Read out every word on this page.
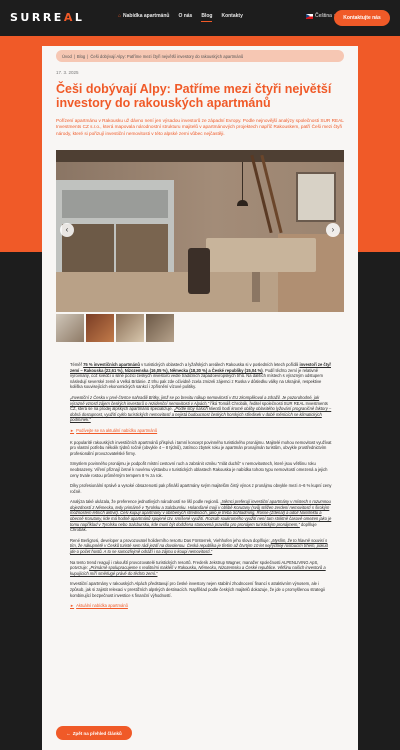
SURREAL	⌂ Nabídka apartmánů O nás Blog Kontakty	Čeština	Kontaktujte nás
Úvod | Blog | Češi dobývají Alpy: Patříme mezi čtyři největší investory do rakouských apartmánů
17. 3. 2025
Češi dobývají Alpy: Patříme mezi čtyři největší investory do rakouských apartmánů

Pořízení apartmánu v Rakousku už dávno není jen výsadou investorů ze západní Evropy. Podle nejnovější analýzy společnosti SUR REAL Investments CZ s.r.o., která mapovala národnostní strukturu majitelů v apartmánových projektech napříč Rakouskem, patří Češi mezi čtyři národy, které si pořizují investiční nemovitosti v této alpské zemi vůbec nejčastěji.

‹	›

Téměř 75 % investičních apartmánů v turistických oblastech a lyžařských areálech Rakouska si v posledních letech pořídili investoři ze čtyř zemí – Rakouska (22,61 %), Nizozemska (16,05 %), Německa (18,30 %) a České republiky (15,04 %). Podíl těchto zemí je relativně vyrovnaný, což svědčí o silné pozici českých investorů vedle tradičních zápaďoevropských trhů. Na dalších místech s výrazným odstupem následují severské země a Velká Británie. Z trhu pak zde očividně zcela zmizeli zájemci z Ruska v důsledku války na Ukrajině, respektive koliška souvisejících ekonomických sankcí i zpřísnění vízové politiky.

„Investiční z Česka v prvé čtvrtce nahradili Britky, jimž se po brexitu nákup nemovitostí v EU zkomplikoval a zdražil. Je pozoruhodné, jak výrazně vzrostl zájem českých investorů o rezidenční nemovitosti v Alpách,“ říká Tomáš Chrobák, ředitel společnosti SUR REAL Investments CZ, která se na prodej alpských apartmánů specializuje. „Podle stoy našich klientů hodí kromě obliby oblasitého lyžování prograničně faktory – dobrá dostupnost, využití cyklo turistických nemovitostí a nejistá budoucnost českých horských středisek v době měnících se klimatických podmínek.“

► Podívejte se na aktuální nabídku apartmánů

K popularitě rakouských investičních apartmánů přispívá i tamní koncept povinného turistického pronájmu. Majitelé mohou nemovitost využívat pro vlastní potřebu několik týdnů ročně (obvykle 4 – 8 týdnů), zatímco zbytek roku je apartmán pronajímán turistům, obvykle prostřednictvím profesionální provozovatelské firmy.

Smyslem povinného pronájmu je podpořit místní cestovní ruch a zabránit vzniku "mlát duchů" v nemovitostech, které jsou většinu roku neobsazeny. Víření přiznají četné k novému výstavbu v turistických oblastech Rakouska je nabídka tohoto typu nemovitostí omezená a jejich ceny trvale rostou průměrným tempem 8 % za rok.

Díky profesionální správě a vysoké obsazenosti pak přináší apartmány svým majitelům čistý výnos z pronájmu obvykle mezi 4–6 % kupní ceny ročně.

Analýza také ukázala, že preference jednotlivých národností se liší podle regionů. „Němci preferují investiční apartmány v místech s rozumnou dojezdností z Německa, tedy primárně v Tyrolsku a Salcbursku. Holanďané mají v oblibě Korutany (svůj stěžen zerdení nemovitostí s širokým možnostem letních aktivit). Češi kupují apartmány v oblíbených střediscích, jako je třeba Schladming, Rosse (Zdenal) a údolí Nassfeldu a obecně Korutany, kde má hodně apartmánů spojené tzv. smíšené využití. Rozsah soukromého využití není tam striktně časově omezen jako je tomu například v Tyrolsku nebo Salcbursku, kde musí být dodržena stanovená pravidla pro pronájem turistickým pronájmem,“ doplňuje Chrobák.

René Berligrosi, developer a provozovatel holiderního resortu Das Försterrek, Viehhofen jeho slova doplňuje: „Myslím, že to hlavně souvisí s tím, že nákupnétě v Česků turisté sem rádi jezdí na dovolenou. Česká republika je třetím až čtvrtým 10 let nejrychleji rostoucím trhem, pokud jde o počet hostů. A to se samozřejmě odráží i na zájmu o koupi nemovitostí.“

Na tento trend reagují i rakouští provozovatelé turistických resortů. Frederik Jekstrup Wagner, manažer společnosti ALPENLIVING ApS, potvrzuje: „Primárně spolupracujeme s realitními makléři v Rakousku, Německu, Nizozemsku a České republice. Většinu našich investorů a kupujících míří směrlugé právě do těchto zemí.“

Investiční apartmány v rakouských Alpách představují pro české investory nejen stabilní zhodnocení financí s atraktivním výnosem, ale i způsob, jak si zajistit relexaci v prestižních alpských destinacích. Například podle českých majitelů dokazuje, že jde o promyšlenou strategii kombinující bezpečnost investice s finanční výhodností.

► Aktuální nabídka apartmánů
← Zpět na přehled článků
